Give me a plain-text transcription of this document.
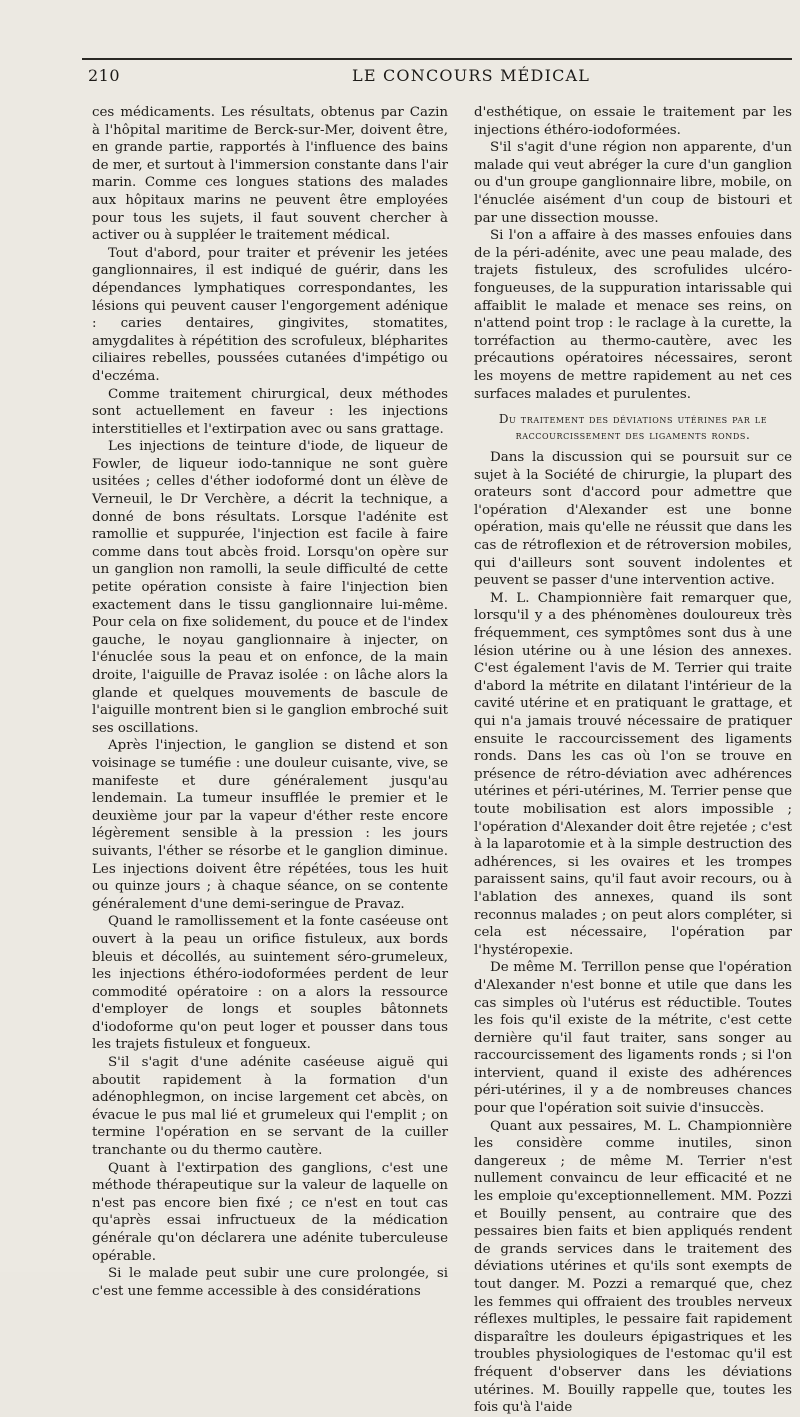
210	LE CONCOURS MÉDICAL

ces médicaments. Les résultats, obtenus par Cazin à l'hôpital maritime de Berck-sur-Mer, doivent être, en grande partie, rapportés à l'influence des bains de mer, et surtout à l'immersion constante dans l'air marin. Comme ces longues stations des malades aux hôpitaux marins ne peuvent être employées pour tous les sujets, il faut souvent chercher à activer ou à suppléer le traitement médical.

Tout d'abord, pour traiter et prévenir les jetées ganglionnaires, il est indiqué de guérir, dans les dépendances lymphatiques correspondantes, les lésions qui peuvent causer l'engorgement adénique : caries dentaires, gingivites, stomatites, amygdalites à répétition des scrofuleux, blépharites ciliaires rebelles, poussées cutanées d'impétigo ou d'eczéma.

Comme traitement chirurgical, deux méthodes sont actuellement en faveur : les injections interstitielles et l'extirpation avec ou sans grattage.

Les injections de teinture d'iode, de liqueur de Fowler, de liqueur iodo-tannique ne sont guère usitées ; celles d'éther iodoformé dont un élève de Verneuil, le Dr Verchère, a décrit la technique, a donné de bons résultats. Lorsque l'adénite est ramollie et suppurée, l'injection est facile à faire comme dans tout abcès froid. Lorsqu'on opère sur un ganglion non ramolli, la seule difficulté de cette petite opération consiste à faire l'injection bien exactement dans le tissu ganglionnaire lui-même. Pour cela on fixe solidement, du pouce et de l'index gauche, le noyau ganglionnaire à injecter, on l'énuclée sous la peau et on enfonce, de la main droite, l'aiguille de Pravaz isolée : on lâche alors la glande et quelques mouvements de bascule de l'aiguille montrent bien si le ganglion embroché suit ses oscillations.

Après l'injection, le ganglion se distend et son voisinage se tuméfie : une douleur cuisante, vive, se manifeste et dure généralement jusqu'au lendemain. La tumeur insufflée le premier et le deuxième jour par la vapeur d'éther reste encore légèrement sensible à la pression : les jours suivants, l'éther se résorbe et le ganglion diminue. Les injections doivent être répétées, tous les huit ou quinze jours ; à chaque séance, on se contente généralement d'une demi-seringue de Pravaz.

Quand le ramollissement et la fonte caséeuse ont ouvert à la peau un orifice fistuleux, aux bords bleuis et décollés, au suintement séro-grumeleux, les injections éthéro-iodoformées perdent de leur commodité opératoire : on a alors la ressource d'employer de longs et souples bâtonnets d'iodoforme qu'on peut loger et pousser dans tous les trajets fistuleux et fongueux.

S'il s'agit d'une adénite caséeuse aiguë qui aboutit rapidement à la formation d'un adénophlegmon, on incise largement cet abcès, on évacue le pus mal lié et grumeleux qui l'emplit ; on termine l'opération en se servant de la cuiller tranchante ou du thermo cautère.

Quant à l'extirpation des ganglions, c'est une méthode thérapeutique sur la valeur de laquelle on n'est pas encore bien fixé ; ce n'est en tout cas qu'après essai infructueux de la médication générale qu'on déclarera une adénite tuberculeuse opérable.

Si le malade peut subir une cure prolongée, si c'est une femme accessible à des considérations

d'esthétique, on essaie le traitement par les injections éthéro-iodoformées.

S'il s'agit d'une région non apparente, d'un malade qui veut abréger la cure d'un ganglion ou d'un groupe ganglionnaire libre, mobile, on l'énuclée aisément d'un coup de bistouri et par une dissection mousse.

Si l'on a affaire à des masses enfouies dans de la péri-adénite, avec une peau malade, des trajets fistuleux, des scrofulides ulcéro-fongueuses, de la suppuration intarissable qui affaiblit le malade et menace ses reins, on n'attend point trop : le raclage à la curette, la torréfaction au thermo-cautère, avec les précautions opératoires nécessaires, seront les moyens de mettre rapidement au net ces surfaces malades et purulentes.

Du traitement des déviations utérines par le raccourcissement des ligaments ronds.

Dans la discussion qui se poursuit sur ce sujet à la Société de chirurgie, la plupart des orateurs sont d'accord pour admettre que l'opération d'Alexander est une bonne opération, mais qu'elle ne réussit que dans les cas de rétroflexion et de rétroversion mobiles, qui d'ailleurs sont souvent indolentes et peuvent se passer d'une intervention active.

M. L. Championnière fait remarquer que, lorsqu'il y a des phénomènes douloureux très fréquemment, ces symptômes sont dus à une lésion utérine ou à une lésion des annexes. C'est également l'avis de M. Terrier qui traite d'abord la métrite en dilatant l'intérieur de la cavité utérine et en pratiquant le grattage, et qui n'a jamais trouvé nécessaire de pratiquer ensuite le raccourcissement des ligaments ronds. Dans les cas où l'on se trouve en présence de rétro-déviation avec adhérences utérines et péri-utérines, M. Terrier pense que toute mobilisation est alors impossible ; l'opération d'Alexander doit être rejetée ; c'est à la laparotomie et à la simple destruction des adhérences, si les ovaires et les trompes paraissent sains, qu'il faut avoir recours, ou à l'ablation des annexes, quand ils sont reconnus malades ; on peut alors compléter, si cela est nécessaire, l'opération par l'hystéropexie.

De même M. Terrillon pense que l'opération d'Alexander n'est bonne et utile que dans les cas simples où l'utérus est réductible. Toutes les fois qu'il existe de la métrite, c'est cette dernière qu'il faut traiter, sans songer au raccourcissement des ligaments ronds ; si l'on intervient, quand il existe des adhérences péri-utérines, il y a de nombreuses chances pour que l'opération soit suivie d'insuccès.

Quant aux pessaires, M. L. Championnière les considère comme inutiles, sinon dangereux ; de même M. Terrier n'est nullement convaincu de leur efficacité et ne les emploie qu'exceptionnellement. MM. Pozzi et Bouilly pensent, au contraire que des pessaires bien faits et bien appliqués rendent de grands services dans le traitement des déviations utérines et qu'ils sont exempts de tout danger. M. Pozzi a remarqué que, chez les femmes qui offraient des troubles nerveux réflexes multiples, le pessaire fait rapidement disparaître les douleurs épigastriques et les troubles physiologiques de l'estomac qu'il est fréquent d'observer dans les déviations utérines. M. Bouilly rappelle que, toutes les fois qu'à l'aide
